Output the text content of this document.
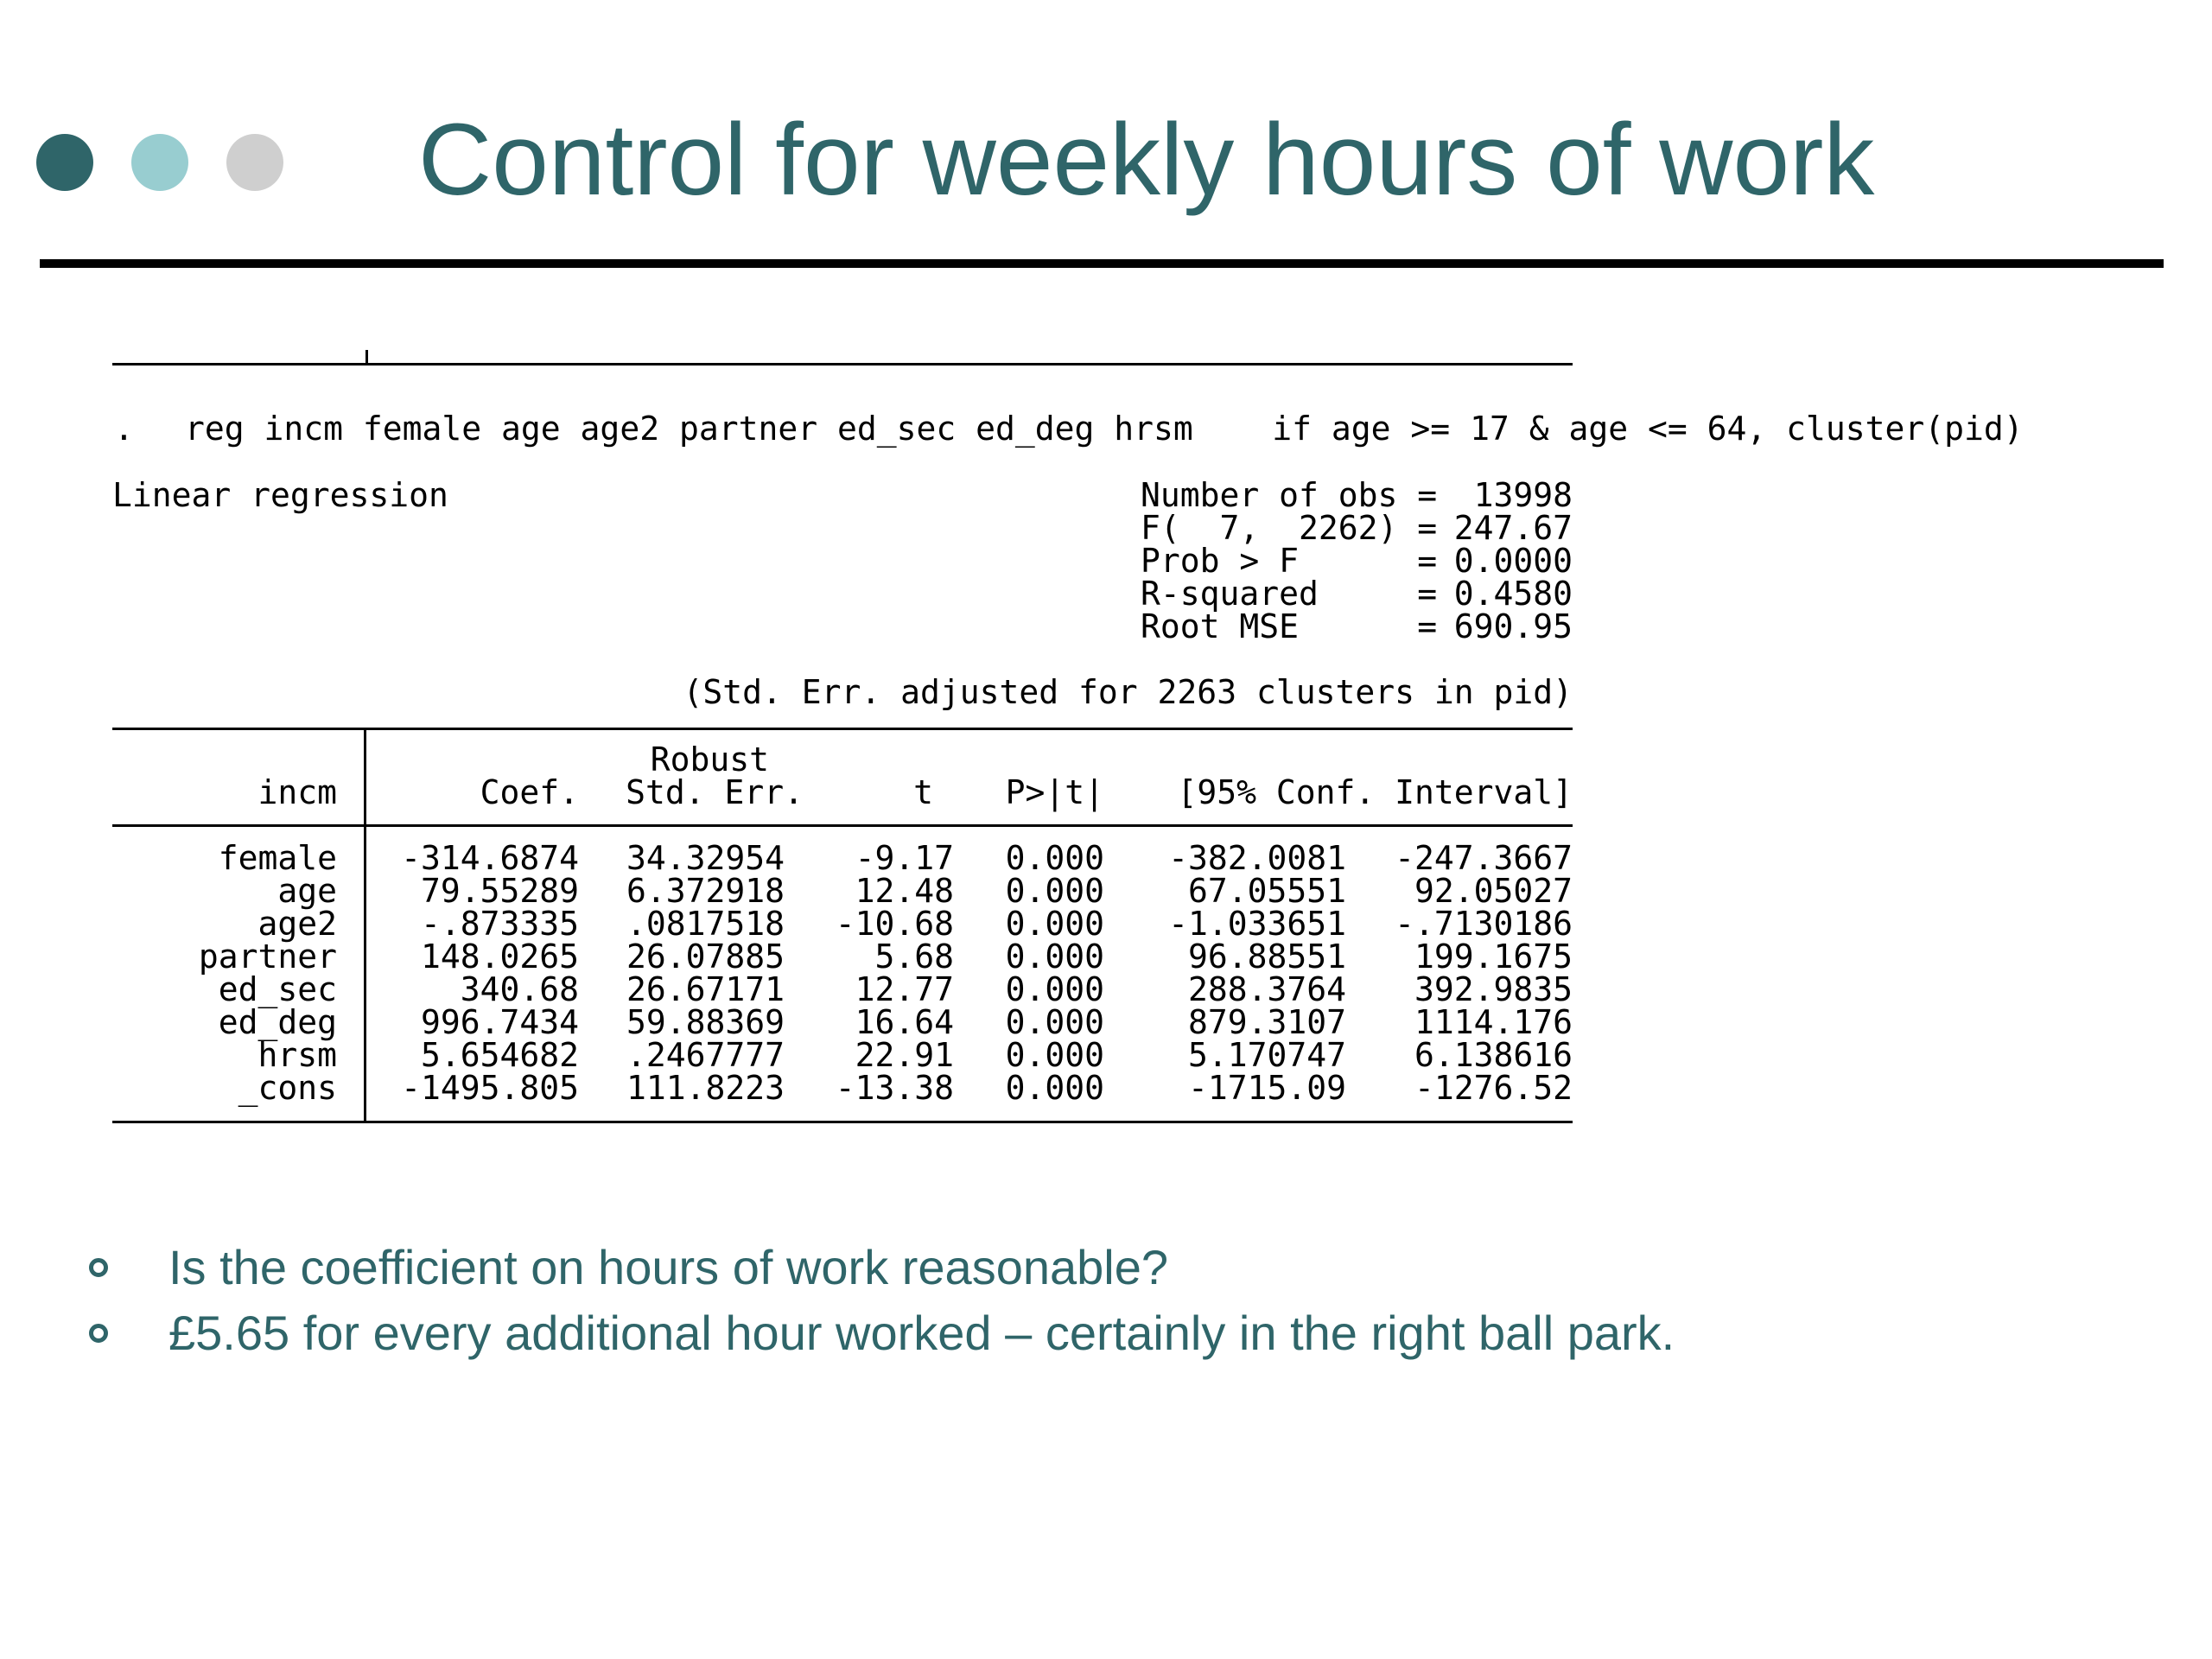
Control for weekly hours of work
. reg incm female age age2 partner ed_sec ed_deg hrsm    if age >= 17 & age <= 64, cluster(pid)
Linear regression	Number of obs =	13998
F(  7,  2262) = 247.67
Prob > F      = 0.0000
R-squared     = 0.4580
Root MSE      = 690.95
(Std. Err. adjusted for 2263 clusters in pid)
Robust
incm	Coef.	Std. Err.	t	P>|t|	[95% Conf. Interval]
female	-314.6874	34.32954	-9.17	0.000	-382.0081	-247.3667
age	79.55289	6.372918	12.48	0.000	67.05551	92.05027
age2	-.873335	.0817518	-10.68	0.000	-1.033651	-.7130186
partner	148.0265	26.07885	5.68	0.000	96.88551	199.1675
ed_sec	340.68	26.67171	12.77	0.000	288.3764	392.9835
ed_deg	996.7434	59.88369	16.64	0.000	879.3107	1114.176
hrsm	5.654682	.2467777	22.91	0.000	5.170747	6.138616
_cons	-1495.805	111.8223	-13.38	0.000	-1715.09	-1276.52
Is the coefficient on hours of work reasonable?
£5.65 for every additional hour worked – certainly in the right ball park.
